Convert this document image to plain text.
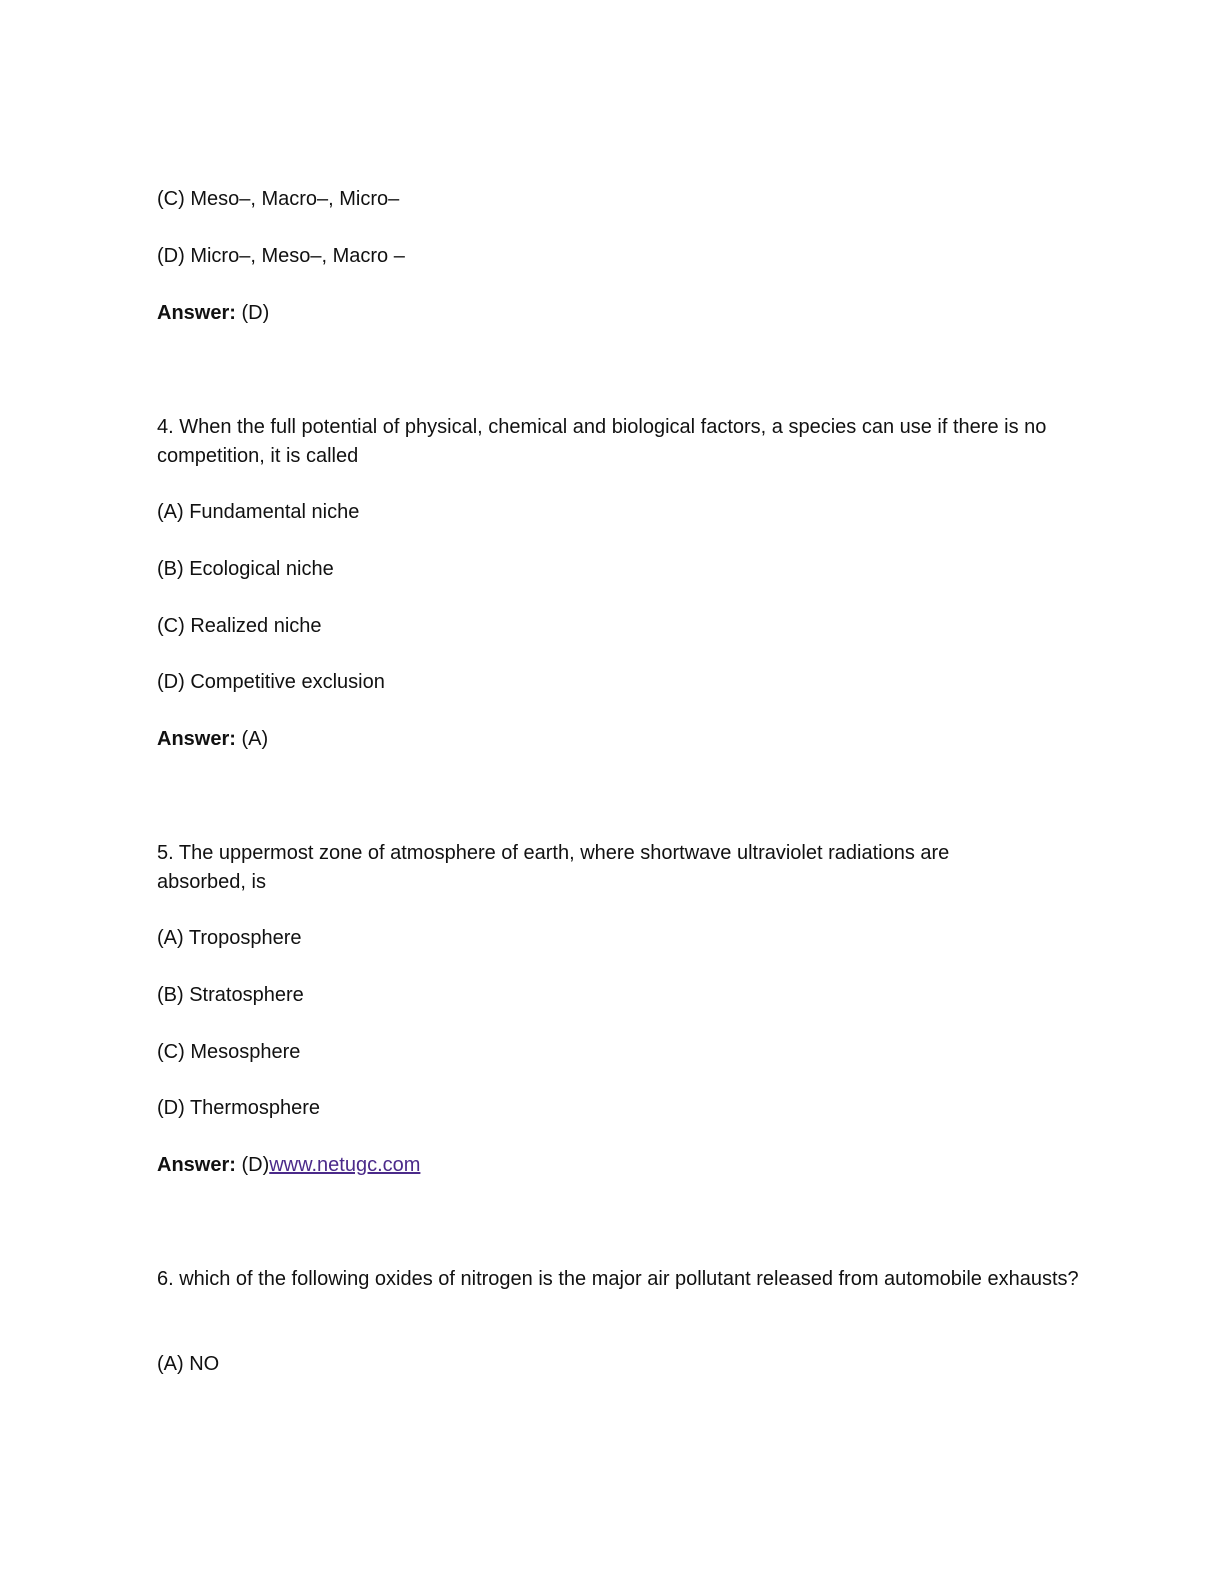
(C) Meso–, Macro–, Micro–
(D) Micro–, Meso–, Macro –
Answer: (D)
4. When the full potential of physical, chemical and biological factors, a species can use if there is no competition, it is called
(A) Fundamental niche
(B) Ecological niche
(C) Realized niche
(D) Competitive exclusion
Answer: (A)
5. The uppermost zone of atmosphere of earth, where shortwave ultraviolet radiations are absorbed, is
(A) Troposphere
(B) Stratosphere
(C) Mesosphere
(D) Thermosphere
Answer: (D)www.netugc.com
6. which of the following oxides of nitrogen is the major air pollutant released from automobile exhausts?
(A) NO
